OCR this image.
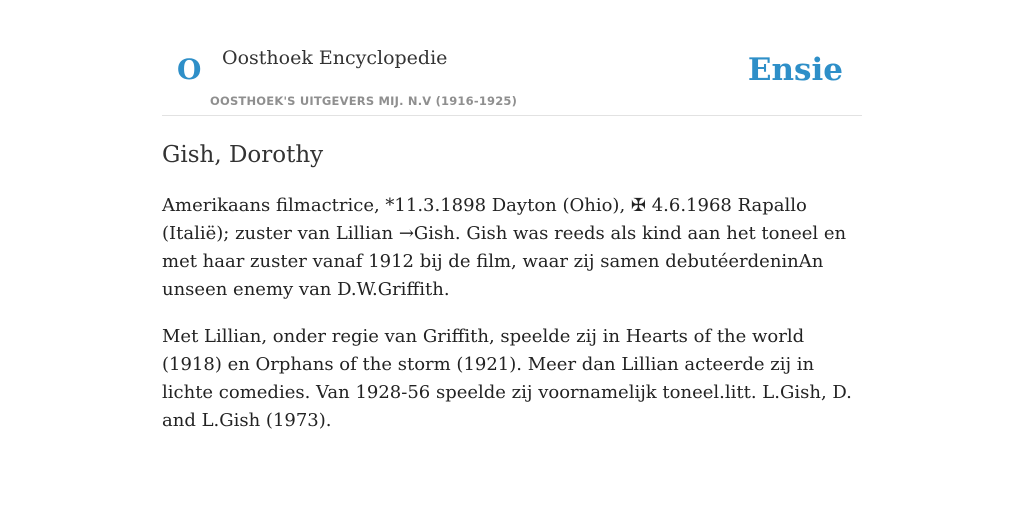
O Oosthoek Encyclopedie
OOSTHOEK'S UITGEVERS MIJ. N.V (1916-1925)
Ensie
Gish, Dorothy

Amerikaans filmactrice, *11.3.1898 Dayton (Ohio), ✠ 4.6.1968 Rapallo (Italië); zuster van Lillian →Gish. Gish was reeds als kind aan het toneel en met haar zuster vanaf 1912 bij de film, waar zij samen debutéerdeninAn unseen enemy van D.W.Griffith.

Met Lillian, onder regie van Griffith, speelde zij in Hearts of the world (1918) en Orphans of the storm (1921). Meer dan Lillian acteerde zij in lichte comedies. Van 1928-56 speelde zij voornamelijk toneel.litt. L.Gish, D. and L.Gish (1973).
